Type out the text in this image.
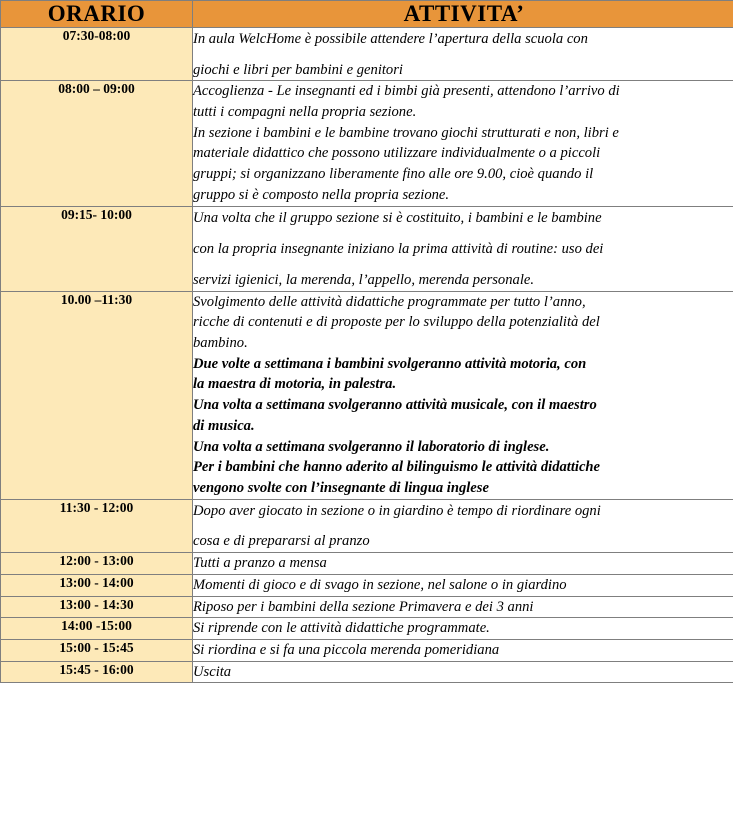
ORARIO	ATTIVITA’
07:30-08:00	In aula WelcHome è possibile attendere l’apertura della scuola con

giochi e libri per bambini e genitori

08:00 – 09:00	Accoglienza - Le insegnanti ed i bimbi già presenti, attendono l’arrivo di

tutti i compagni nella propria sezione.

In sezione i bambini e le bambine trovano giochi strutturati e non, libri e

materiale didattico che possono utilizzare individualmente o a piccoli

gruppi; si organizzano liberamente fino alle ore 9.00, cioè quando il

gruppo si è composto nella propria sezione.

09:15- 10:00	Una volta che il gruppo sezione si è costituito, i bambini e le bambine

con la propria insegnante iniziano la prima attività di routine: uso dei

servizi igienici, la merenda, l’appello, merenda personale.

10.00 –11:30	Svolgimento delle attività didattiche programmate per tutto l’anno,

ricche di contenuti e di proposte per lo sviluppo della potenzialità del

bambino.

Due volte a settimana i bambini svolgeranno attività motoria, con

la maestra di motoria, in palestra.

Una volta a settimana svolgeranno attività musicale, con il maestro

di musica.

Una volta a settimana svolgeranno il laboratorio di inglese.

Per i bambini che hanno aderito al bilinguismo le attività didattiche

vengono svolte con l’insegnante di lingua inglese

11:30 - 12:00	Dopo aver giocato in sezione o in giardino è tempo di riordinare ogni

cosa e di prepararsi al pranzo

12:00 - 13:00	Tutti a pranzo a mensa

13:00 - 14:00	Momenti di gioco e di svago in sezione, nel salone o in giardino

13:00 - 14:30	Riposo per i bambini della sezione Primavera e dei 3 anni

14:00 -15:00	Si riprende con le attività didattiche programmate.

15:00 - 15:45	Si riordina e si fa una piccola merenda pomeridiana

15:45 - 16:00	Uscita
